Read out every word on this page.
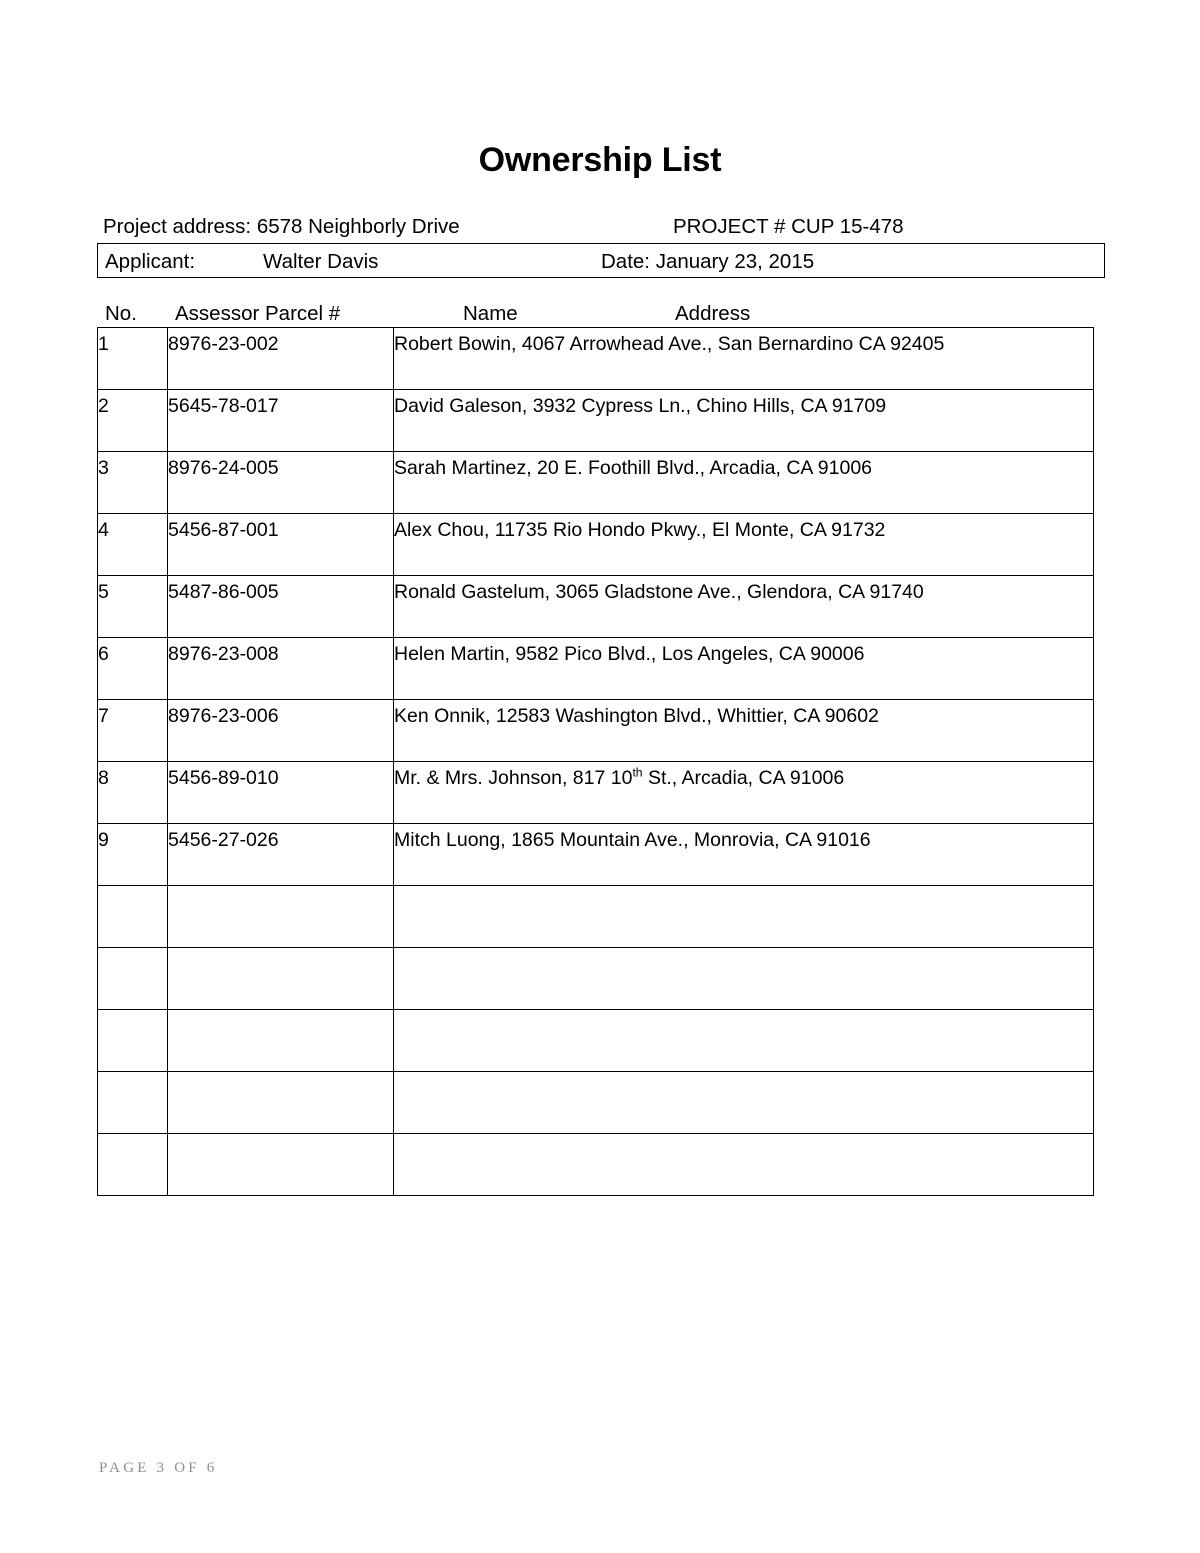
Ownership List
Project address: 6578 Neighborly Drive	PROJECT # CUP 15-478
Applicant:	Walter Davis	Date: January 23, 2015
No. Assessor Parcel #	Name	Address
1	8976-23-002	Robert Bowin, 4067 Arrowhead Ave., San Bernardino CA 92405
2	5645-78-017	David Galeson, 3932 Cypress Ln., Chino Hills, CA 91709
3	8976-24-005	Sarah Martinez, 20 E. Foothill Blvd., Arcadia, CA 91006
4	5456-87-001	Alex Chou, 11735 Rio Hondo Pkwy., El Monte, CA 91732
5	5487-86-005	Ronald Gastelum, 3065 Gladstone Ave., Glendora, CA 91740
6	8976-23-008	Helen Martin, 9582 Pico Blvd., Los Angeles, CA 90006
7	8976-23-006	Ken Onnik, 12583 Washington Blvd., Whittier, CA 90602
8	5456-89-010	Mr. & Mrs. Johnson, 817 10th St., Arcadia, CA 91006
9	5456-27-026	Mitch Luong, 1865 Mountain Ave., Monrovia, CA 91016

PAGE 3 OF 6
